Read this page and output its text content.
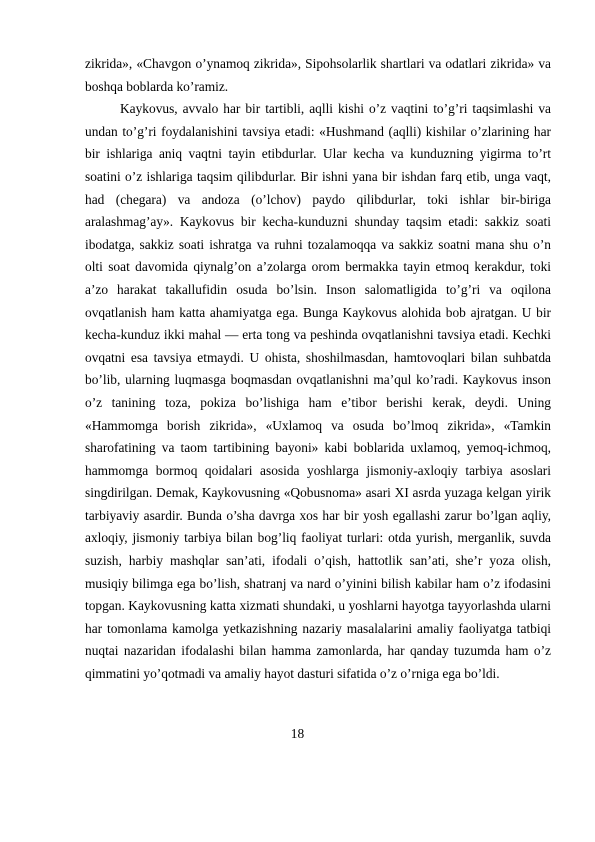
zikrida», «Chavgon o’ynamoq zikrida», Sipohsolarlik shartlari va odatlari zikrida» va boshqa boblarda ko’ramiz.

Kaykovus, avvalo har bir tartibli, aqlli kishi o’z vaqtini to’g’ri taqsimlashi va undan to’g’ri foydalanishini tavsiya etadi: «Hushmand (aqlli) kishilar o’zlarining har bir ishlariga aniq vaqtni tayin etibdurlar. Ular kecha va kunduzning yigirma to’rt soatini o’z ishlariga taqsim qilibdurlar. Bir ishni yana bir ishdan farq etib, unga vaqt, had (chegara) va andoza (o’lchov) paydo qilibdurlar, toki ishlar bir-biriga aralashmag’ay». Kaykovus bir kecha-kunduzni shunday taqsim etadi: sakkiz soati ibodatga, sakkiz soati ishratga va ruhni tozalamoqqa va sakkiz soatni mana shu o’n olti soat davomida qiynalg’on a’zolarga orom bermakka tayin etmoq kerakdur, toki a’zo harakat takallufidin osuda bo’lsin. Inson salomatligida to’g’ri va oqilona ovqatlanish ham katta ahamiyatga ega. Bunga Kaykovus alohida bob ajratgan. U bir kecha-kunduz ikki mahal — erta tong va peshinda ovqatlanishni tavsiya etadi. Kechki ovqatni esa tavsiya etmaydi. U ohista, shoshilmasdan, hamtovoqlari bilan suhbatda bo’lib, ularning luqmasga boqmasdan ovqatlanishni ma’qul ko’radi. Kaykovus inson o’z tanining toza, pokiza bo’lishiga ham e’tibor berishi kerak, deydi. Uning «Hammomga borish zikrida», «Uxlamoq va osuda bo’lmoq zikrida», «Tamkin sharofatining va taom tartibining bayoni» kabi boblarida uxlamoq, yemoq-ichmoq, hammomga bormoq qoidalari asosida yoshlarga jismoniy-axloqiy tarbiya asoslari singdirilgan. Demak, Kaykovusning «Qobusnoma» asari XI asrda yuzaga kelgan yirik tarbiyaviy asardir. Bunda o’sha davrga xos har bir yosh egallashi zarur bo’lgan aqliy, axloqiy, jismoniy tarbiya bilan bog’liq faoliyat turlari: otda yurish, merganlik, suvda suzish, harbiy mashqlar san’ati, ifodali o’qish, hattotlik san’ati, she’r yoza olish, musiqiy bilimga ega bo’lish, shatranj va nard o’yinini bilish kabilar ham o’z ifodasini topgan. Kaykovusning katta xizmati shundaki, u yoshlarni hayotga tayyorlashda ularni har tomonlama kamolga yetkazishning nazariy masalalarini amaliy faoliyatga tatbiqi nuqtai nazaridan ifodalashi bilan hamma zamonlarda, har qanday tuzumda ham o’z qimmatini yo’qotmadi va amaliy hayot dasturi sifatida o’z o’rniga ega bo’ldi.

18
